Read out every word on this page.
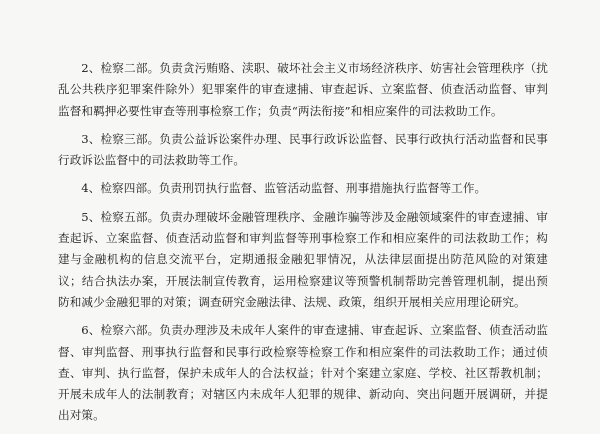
2、检察二部。负责贪污贿赂、渎职、破坏社会主义市场经济秩序、妨害社会管理秩序（扰乱公共秩序犯罪案件除外）犯罪案件的审查逮捕、审查起诉、立案监督、侦查活动监督、审判监督和羁押必要性审查等刑事检察工作；负责“两法衔接”和相应案件的司法救助工作。

3、检察三部。负责公益诉讼案件办理、民事行政诉讼监督、民事行政执行活动监督和民事行政诉讼监督中的司法救助等工作。

4、检察四部。负责刑罚执行监督、监管活动监督、刑事措施执行监督等工作。

5、检察五部。负责办理破坏金融管理秩序、金融诈骗等涉及金融领域案件的审查逮捕、审查起诉、立案监督、侦查活动监督和审判监督等刑事检察工作和相应案件的司法救助工作；构建与金融机构的信息交流平台，定期通报金融犯罪情况，从法律层面提出防范风险的对策建议；结合执法办案，开展法制宣传教育，运用检察建议等预警机制帮助完善管理机制，提出预防和减少金融犯罪的对策；调查研究金融法律、法规、政策，组织开展相关应用理论研究。

6、检察六部。负责办理涉及未成年人案件的审查逮捕、审查起诉、立案监督、侦查活动监督、审判监督、刑事执行监督和民事行政检察等检察工作和相应案件的司法救助工作；通过侦查、审判、执行监督，保护未成年人的合法权益；针对个案建立家庭、学校、社区帮教机制；开展未成年人的法制教育；对辖区内未成年人犯罪的规律、新动向、突出问题开展调研，并提出对策。
